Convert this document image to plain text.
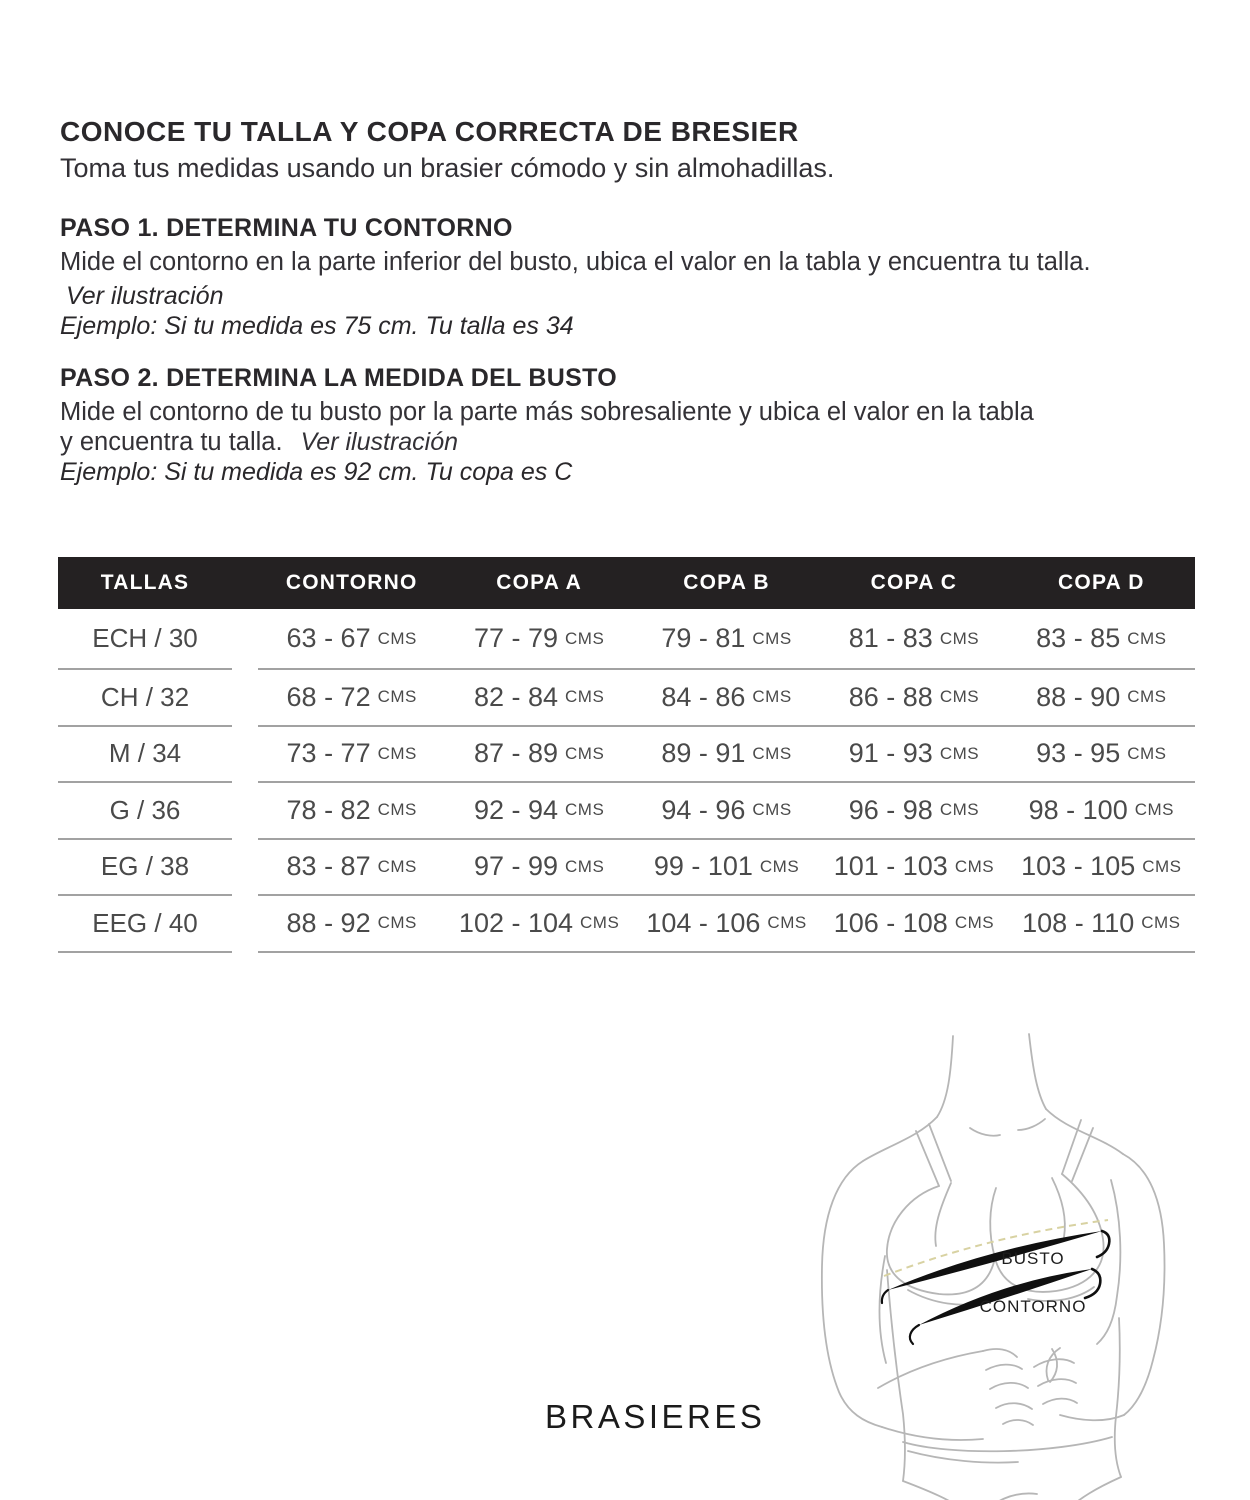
CONOCE TU TALLA Y COPA CORRECTA DE BRESIER
Toma tus medidas usando un brasier cómodo y sin almohadillas.
PASO 1. DETERMINA TU CONTORNO
Mide el contorno en la parte inferior del busto, ubica el valor en la tabla y encuentra tu talla.
Ver ilustración
Ejemplo: Si tu medida es 75 cm. Tu talla es 34
PASO 2. DETERMINA LA MEDIDA DEL BUSTO
Mide el contorno de tu busto por la parte más sobresaliente y ubica el valor en la tabla
y encuentra tu talla. Ver ilustración
Ejemplo: Si tu medida es 92 cm. Tu copa es C
TALLAS	CONTORNO	COPA A	COPA B	COPA C	COPA D
ECH / 30	63 - 67 CMS 77 - 79 CMS 79 - 81 CMS 81 - 83 CMS 83 - 85 CMS
CH / 32	68 - 72 CMS 82 - 84 CMS 84 - 86 CMS 86 - 88 CMS 88 - 90 CMS
M / 34	73 - 77 CMS 87 - 89 CMS 89 - 91 CMS 91 - 93 CMS 93 - 95 CMS
G / 36	78 - 82 CMS 92 - 94 CMS 94 - 96 CMS 96 - 98 CMS 98 - 100 CMS
EG / 38	83 - 87 CMS 97 - 99 CMS 99 - 101 CMS 101 - 103 CMS 103 - 105 CMS
EEG / 40	88 - 92 CMS 102 - 104 CMS 104 - 106 CMS 106 - 108 CMS 108 - 110 CMS
BRASIERES
BUSTO
CONTORNO
